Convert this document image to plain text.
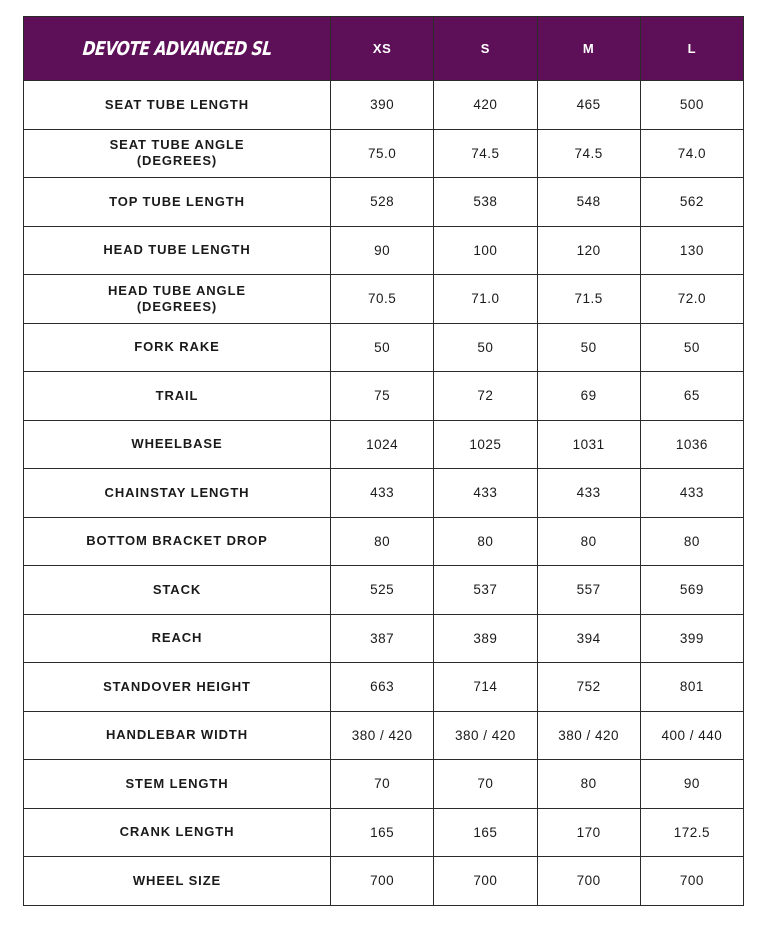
DEVOTE ADVANCED SL	XS	S	M	L
SEAT TUBE LENGTH	390	420	465	500
SEAT TUBE ANGLE
(DEGREES)	75.0	74.5	74.5	74.0
TOP TUBE LENGTH	528	538	548	562
HEAD TUBE LENGTH	90	100	120	130
HEAD TUBE ANGLE
(DEGREES)	70.5	71.0	71.5	72.0
FORK RAKE	50	50	50	50
TRAIL	75	72	69	65
WHEELBASE	1024	1025	1031	1036
CHAINSTAY LENGTH	433	433	433	433
BOTTOM BRACKET DROP	80	80	80	80
STACK	525	537	557	569
REACH	387	389	394	399
STANDOVER HEIGHT	663	714	752	801
HANDLEBAR WIDTH	380 / 420	380 / 420	380 / 420	400 / 440
STEM LENGTH	70	70	80	90
CRANK LENGTH	165	165	170	172.5
WHEEL SIZE	700	700	700	700
